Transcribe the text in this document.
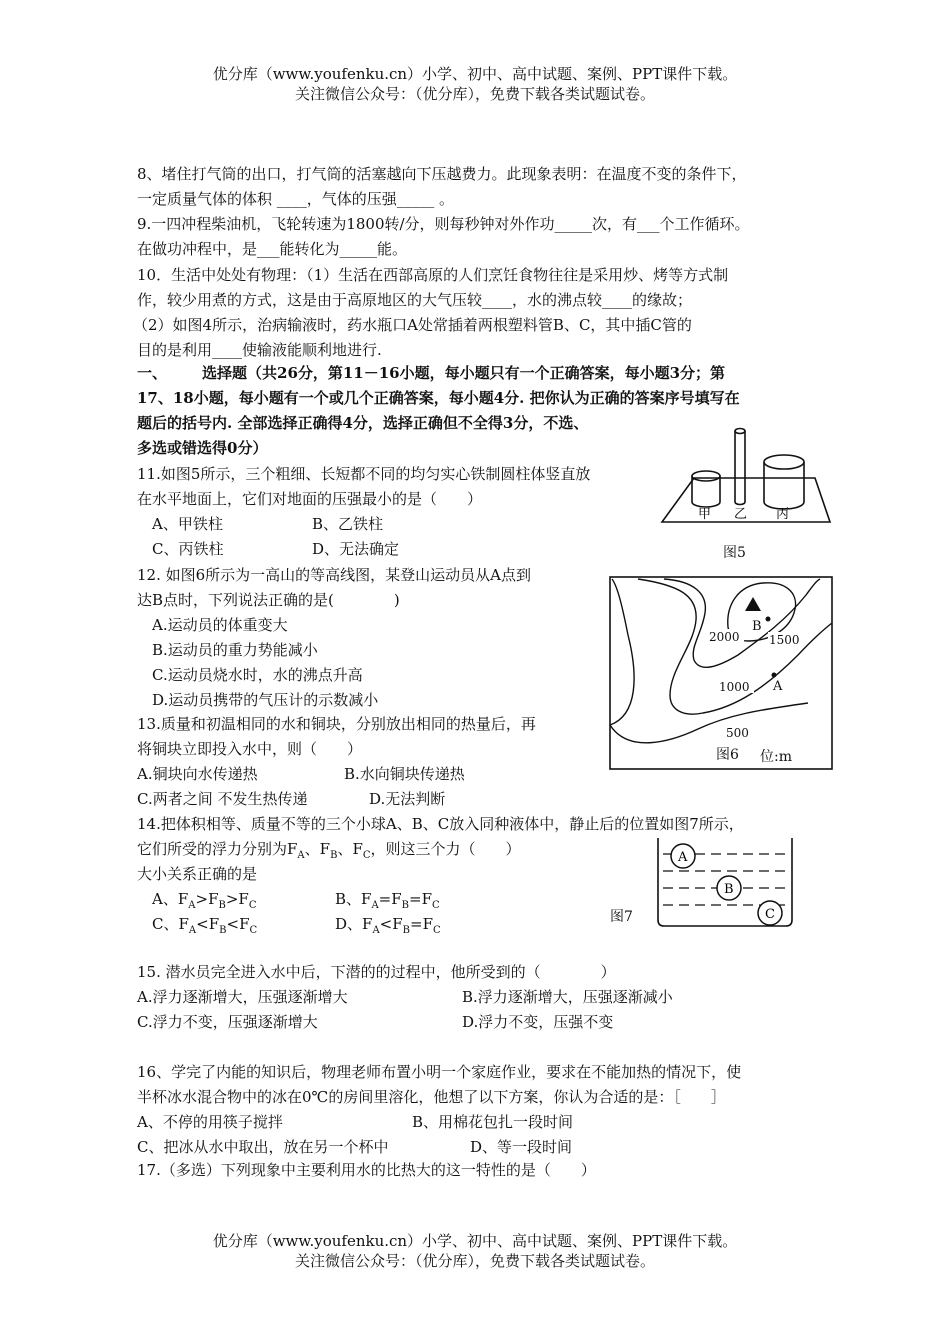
优分库（www.youfenku.cn）小学、初中、高中试题、案例、PPT课件下载。
关注微信公众号：（优分库），免费下载各类试题试卷。
8、堵住打气筒的出口，打气筒的活塞越向下压越费力。此现象表明：在温度不变的条件下，
一定质量气体的体积 ____，气体的压强_____ 。
9.一四冲程柴油机，飞轮转速为1800转/分，则每秒钟对外作功_____次，有___个工作循环。
在做功冲程中，是___能转化为_____能。
10．生活中处处有物理：（1）生活在西部高原的人们烹饪食物往往是采用炒、烤等方式制
作，较少用煮的方式，这是由于高原地区的大气压较____，水的沸点较____的缘故；
（2）如图4所示，治病输液时，药水瓶口A处常插着两根塑料管B、C，其中插C管的
目的是利用____使输液能顺利地进行.
一、 选择题（共26分，第11－16小题，每小题只有一个正确答案，每小题3分；第
17、18小题，每小题有一个或几个正确答案，每小题4分. 把你认为正确的答案序号填写在
题后的括号内. 全部选择正确得4分，选择正确但不全得3分，不选、
多选或错选得0分）
11.如图5所示，三个粗细、长短都不同的均匀实心铁制圆柱体竖直放
在水平地面上，它们对地面的压强最小的是（　　）
A、甲铁柱	B、乙铁柱
C、丙铁柱	D、无法确定
甲 乙 丙
图5
12. 如图6所示为一高山的等高线图，某登山运动员从A点到
达B点时，下列说法正确的是(　　　　)
A.运动员的体重变大
B.运动员的重力势能减小
C.运动员烧水时，水的沸点升高
D.运动员携带的气压计的示数减小
B
A
2000 1500
1000
500
图6 位:m
13.质量和初温相同的水和铜块，分别放出相同的热量后，再
将铜块立即投入水中，则（　　）
A.铜块向水传递热	B.水向铜块传递热
C.两者之间 不发生热传递	D.无法判断
14.把体积相等、质量不等的三个小球A、B、C放入同种液体中，静止后的位置如图7所示，
它们所受的浮力分别为$F_A$、$F_B$、$F_C$，则这三个力（　　）
大小关系正确的是
A、$F_A>F_B>F_C$	B、$F_A=F_B=F_C$
C、$F_A<F_B<F_C$	D、$F_A<F_B=F_C$
A
B
C
图7
15. 潜水员完全进入水中后，下潜的的过程中，他所受到的（　　　　）
A.浮力逐渐增大，压强逐渐增大	B.浮力逐渐增大，压强逐渐减小
C.浮力不变，压强逐渐增大	D.浮力不变，压强不变
16、学完了内能的知识后，物理老师布置小明一个家庭作业，要求在不能加热的情况下，使
半杯冰水混合物中的冰在0℃的房间里溶化，他想了以下方案，你认为合适的是：［　　］
A、不停的用筷子搅拌	B、用棉花包扎一段时间
C、把冰从水中取出，放在另一个杯中	D、等一段时间
17.（多选）下列现象中主要利用水的比热大的这一特性的是（　　）
优分库（www.youfenku.cn）小学、初中、高中试题、案例、PPT课件下载。
关注微信公众号：（优分库），免费下载各类试题试卷。
